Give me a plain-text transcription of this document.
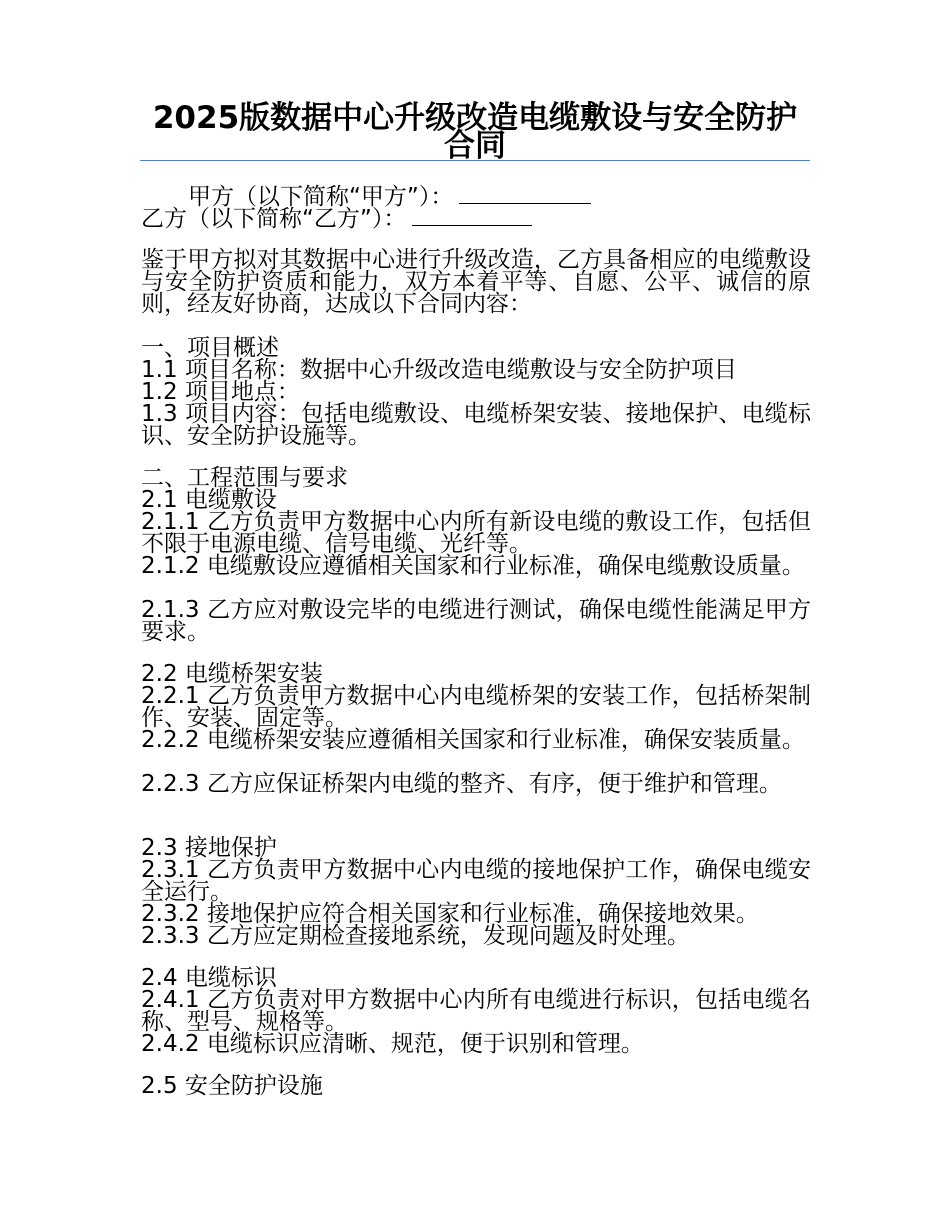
2025版数据中心升级改造电缆敷设与安全防护合同
甲方（以下简称“甲方”）：
乙方（以下简称“乙方”）：
鉴于甲方拟对其数据中心进行升级改造，乙方具备相应的电缆敷设与安全防护资质和能力，双方本着平等、自愿、公平、诚信的原则，经友好协商，达成以下合同内容：
一、项目概述
1.1 项目名称：数据中心升级改造电缆敷设与安全防护项目
1.2 项目地点：
1.3 项目内容：包括电缆敷设、电缆桥架安装、接地保护、电缆标识、安全防护设施等。
二、工程范围与要求
2.1 电缆敷设
2.1.1 乙方负责甲方数据中心内所有新设电缆的敷设工作，包括但不限于电源电缆、信号电缆、光纤等。
2.1.2 电缆敷设应遵循相关国家和行业标准，确保电缆敷设质量。
2.1.3 乙方应对敷设完毕的电缆进行测试，确保电缆性能满足甲方要求。
2.2 电缆桥架安装
2.2.1 乙方负责甲方数据中心内电缆桥架的安装工作，包括桥架制作、安装、固定等。
2.2.2 电缆桥架安装应遵循相关国家和行业标准，确保安装质量。
2.2.3 乙方应保证桥架内电缆的整齐、有序，便于维护和管理。
2.3 接地保护
2.3.1 乙方负责甲方数据中心内电缆的接地保护工作，确保电缆安全运行。
2.3.2 接地保护应符合相关国家和行业标准，确保接地效果。
2.3.3 乙方应定期检查接地系统，发现问题及时处理。
2.4 电缆标识
2.4.1 乙方负责对甲方数据中心内所有电缆进行标识，包括电缆名称、型号、规格等。
2.4.2 电缆标识应清晰、规范，便于识别和管理。
2.5 安全防护设施
